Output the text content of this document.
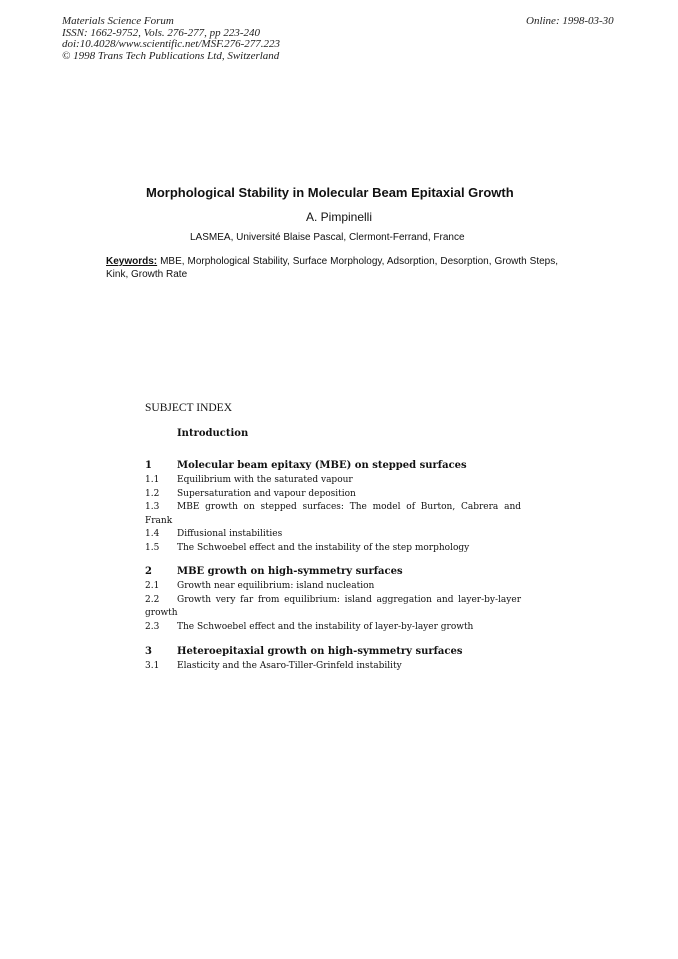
Materials Science Forum
ISSN: 1662-9752, Vols. 276-277, pp 223-240
doi:10.4028/www.scientific.net/MSF.276-277.223
© 1998 Trans Tech Publications Ltd, Switzerland
Online: 1998-03-30
Morphological Stability in Molecular Beam Epitaxial Growth
A. Pimpinelli
LASMEA, Université Blaise Pascal, Clermont-Ferrand, France
Keywords: MBE, Morphological Stability, Surface Morphology, Adsorption, Desorption, Growth Steps, Kink, Growth Rate
SUBJECT INDEX
Introduction
1	Molecular beam epitaxy (MBE) on stepped surfaces
1.1 Equilibrium with the saturated vapour
1.2 Supersaturation and vapour deposition
1.3 MBE growth on stepped surfaces: The model of Burton, Cabrera and Frank
1.4 Diffusional instabilities
1.5 The Schwoebel effect and the instability of the step morphology
2	MBE growth on high-symmetry surfaces
2.1 Growth near equilibrium: island nucleation
2.2 Growth very far from equilibrium: island aggregation and layer-by-layer growth
2.3 The Schwoebel effect and the instability of layer-by-layer growth
3	Heteroepitaxial growth on high-symmetry surfaces
3.1 Elasticity and the Asaro-Tiller-Grinfeld instability
